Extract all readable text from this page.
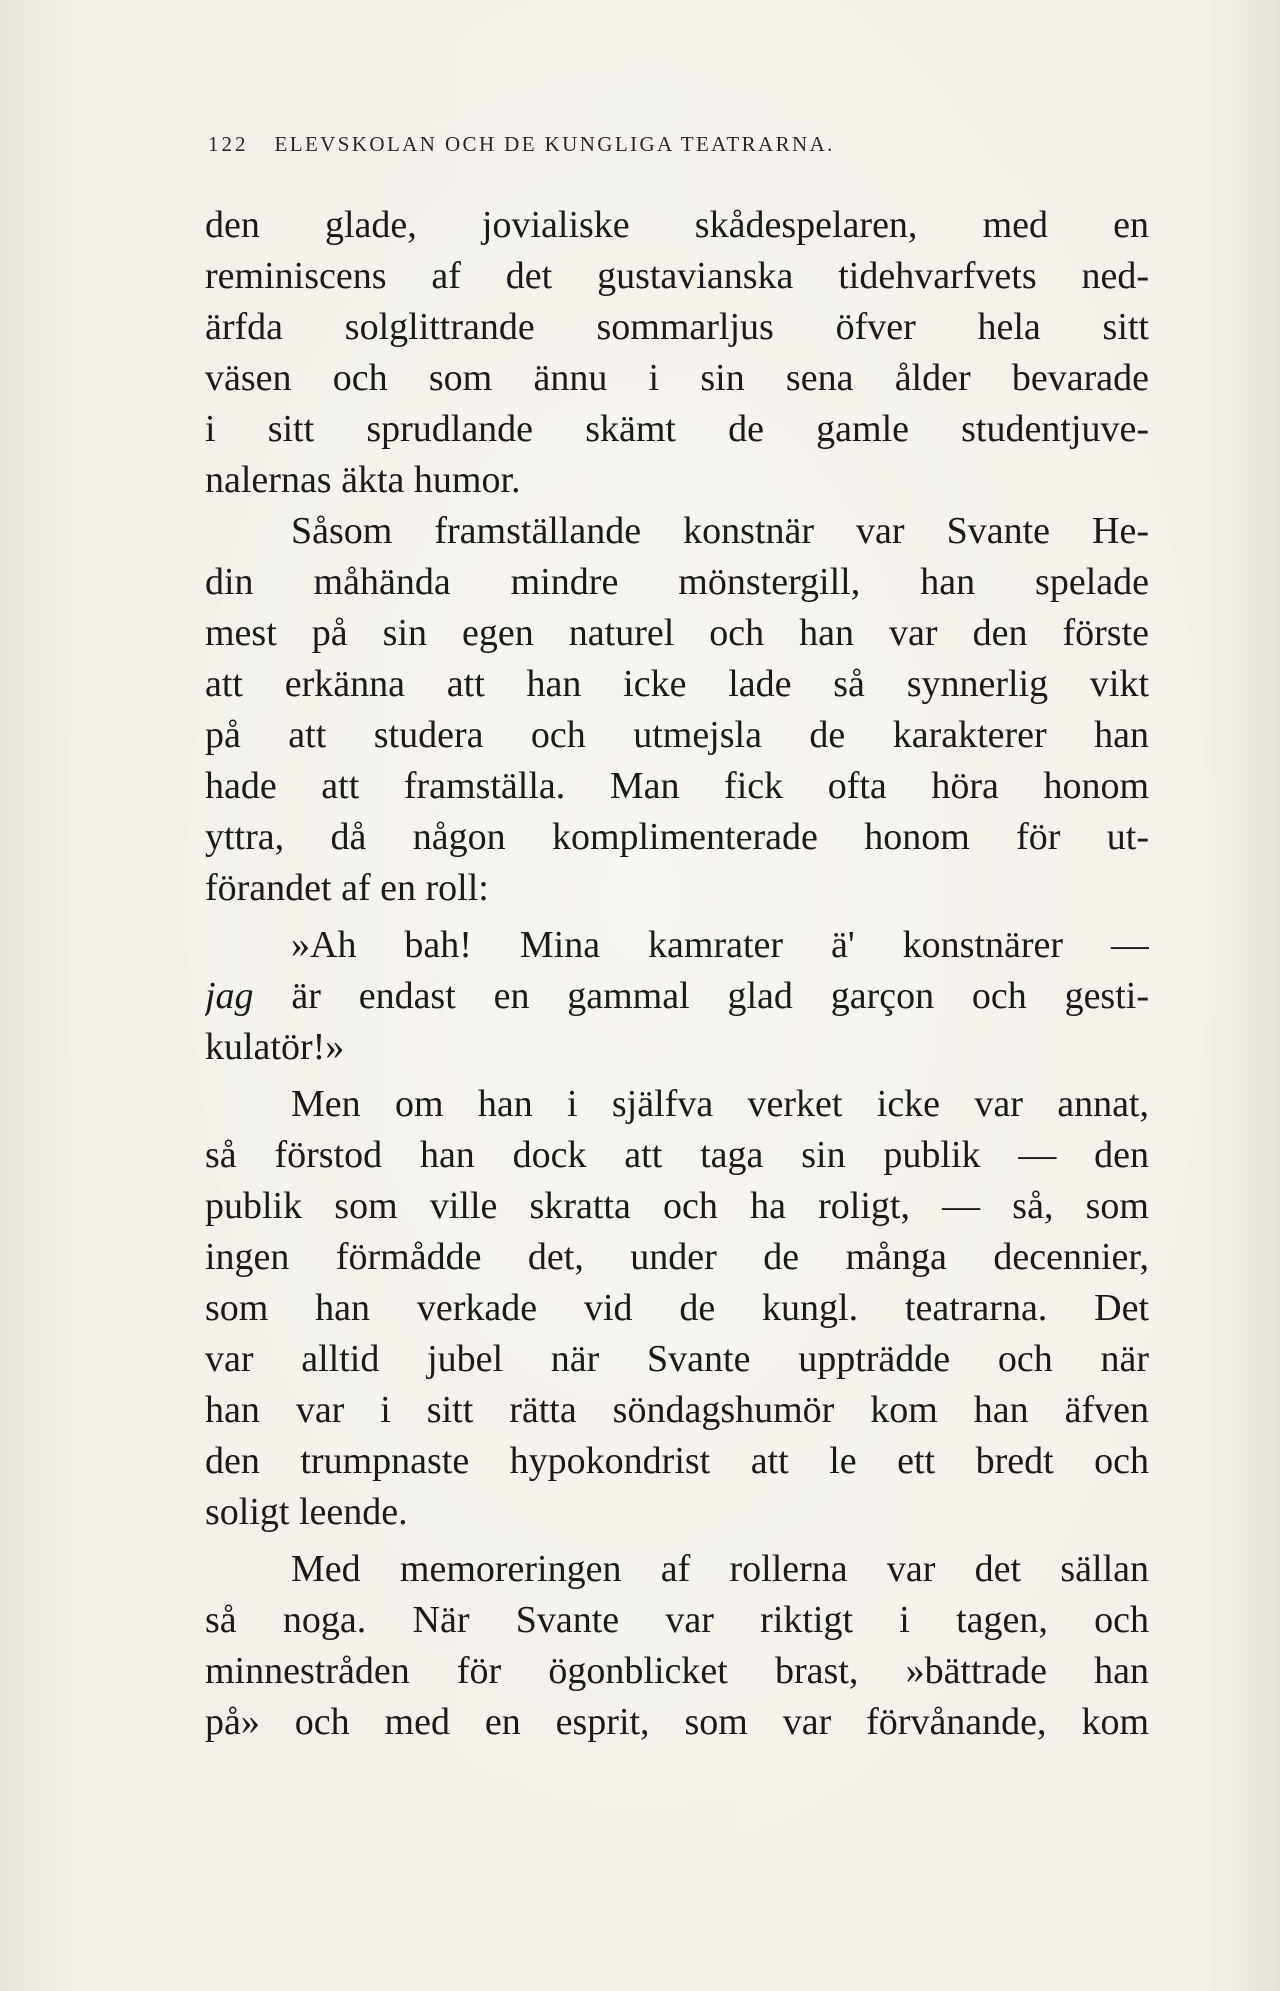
122 ELEVSKOLAN OCH DE KUNGLIGA TEATRARNA.
den glade, jovialiske skådespelaren, med en
reminiscens af det gustavianska tidehvarfvets ned-
ärfda solglittrande sommarljus öfver hela sitt
väsen och som ännu i sin sena ålder bevarade
i sitt sprudlande skämt de gamle studentjuve-
nalernas äkta humor.
Såsom framställande konstnär var Svante He-
din måhända mindre mönstergill, han spelade
mest på sin egen naturel och han var den förste
att erkänna att han icke lade så synnerlig vikt
på att studera och utmejsla de karakterer han
hade att framställa. Man fick ofta höra honom
yttra, då någon komplimenterade honom för ut-
förandet af en roll:
»Ah bah! Mina kamrater ä' konstnärer —
jag är endast en gammal glad garçon och gesti-
kulatör!»
Men om han i själfva verket icke var annat,
så förstod han dock att taga sin publik — den
publik som ville skratta och ha roligt, — så, som
ingen förmådde det, under de många decennier,
som han verkade vid de kungl. teatrarna. Det
var alltid jubel när Svante uppträdde och när
han var i sitt rätta söndagshumör kom han äfven
den trumpnaste hypokondrist att le ett bredt och
soligt leende.
Med memoreringen af rollerna var det sällan
så noga. När Svante var riktigt i tagen, och
minnestråden för ögonblicket brast, »bättrade han
på» och med en esprit, som var förvånande, kom
